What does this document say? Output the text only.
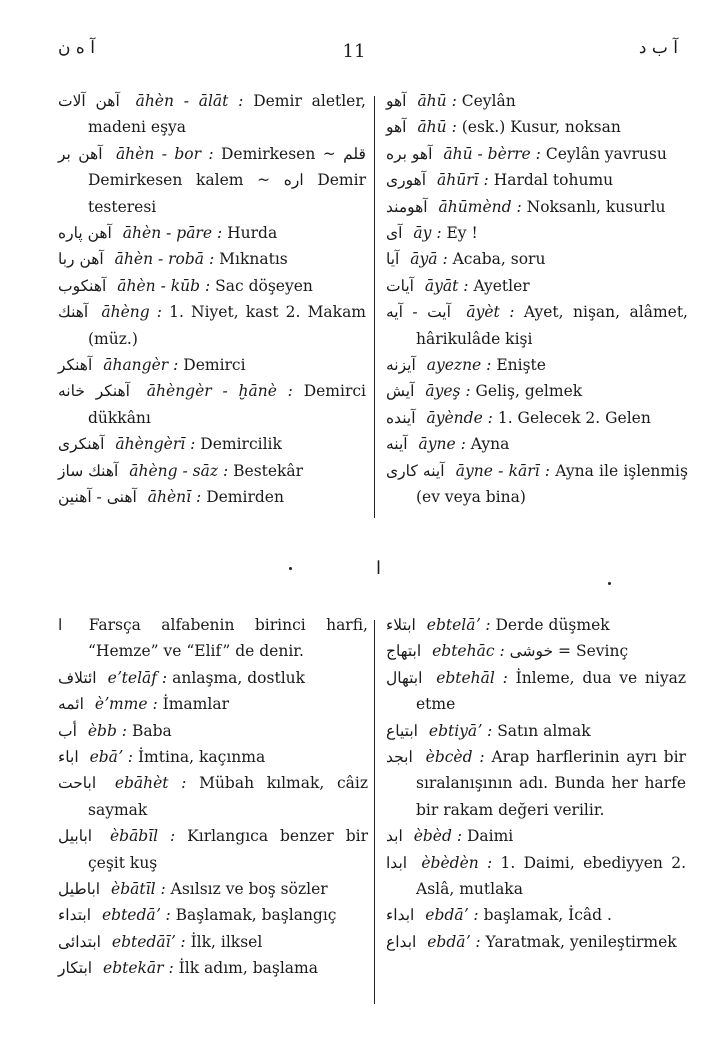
آ ه ن	11	آ ب د
آهن آلات āhèn - ālāt : Demir aletler, madeni eşya
آهن بر āhèn - bor : Demirkesen ~ قلم Demirkesen kalem ~ اره Demir testeresi
آهن پاره āhèn - pāre : Hurda
آهن ربا āhèn - robā : Mıknatıs
آهنكوب āhèn - kūb : Sac döşeyen
آهنك āhèng : 1. Niyet, kast 2. Makam (müz.)
آهنكر āhangèr : Demirci
آهنكر خانه āhèngèr - ḫānè : Demirci dükkânı
آهنكرى āhèngèrī : Demircilik
آهنك ساز āhèng - sāz : Bestekâr
آهنى - آهنين āhènī : Demirden
آهو āhū : Ceylân
آهو āhū : (esk.) Kusur, noksan
آهو بره āhū - bèrre : Ceylân yavrusu
آهورى āhūrī : Hardal tohumu
آهومند āhūmènd : Noksanlı, kusurlu
آى āy : Ey !
آيا āyā : Acaba, soru
آيات āyāt : Ayetler
آيت - آيه āyèt : Ayet, nişan, alâmet, hârikulâde kişi
آيزنه ayezne : Enişte
آيش āyeş : Geliş, gelmek
آينده āyènde : 1. Gelecek 2. Gelen
آينه āyne : Ayna
آينه كارى āyne - kārī : Ayna ile işlenmiş (ev veya bina)
ا
ا Farsça alfabenin birinci harfi, “Hemze” ve “Elif” de denir.
ائتلاف eʼtelāf : anlaşma, dostluk
ائمه èʼmme : İmamlar
أب èbb : Baba
اباء ebāʼ : İmtina, kaçınma
اباحت ebāhèt : Mübah kılmak, câiz saymak
ابابيل èbābīl : Kırlangıca benzer bir çeşit kuş
اباطيل èbātīl : Asılsız ve boş sözler
ابتداء ebtedāʼ : Başlamak, başlangıç
ابتدائى ebtedāīʼ : İlk, ilksel
ابتكار ebtekār : İlk adım, başlama
ابتلاء ebtelāʼ : Derde düşmek
ابتهاج ebtehāc : خوشى = Sevinç
ابتهال ebtehāl : İnleme, dua ve niyaz etme
ابتياع ebtiyāʼ : Satın almak
ابجد èbcèd : Arap harflerinin ayrı bir sıralanışının adı. Bunda her harfe bir rakam değeri verilir.
ابد èbèd : Daimi
ابدا èbèdèn : 1. Daimi, ebediyyen 2. Aslâ, mutlaka
ابداء ebdāʼ : başlamak, İcâd .
ابداع ebdāʼ : Yaratmak, yenileştirmek
